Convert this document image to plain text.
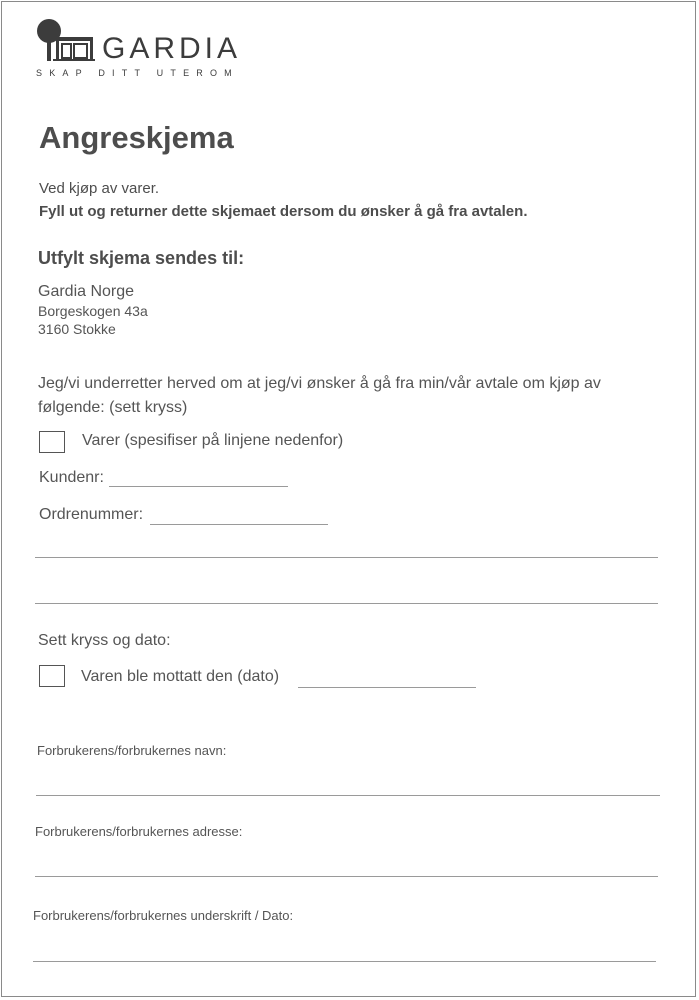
GARDIA
SKAP DITT UTEROM
Angreskjema
Ved kjøp av varer.
Fyll ut og returner dette skjemaet dersom du ønsker å gå fra avtalen.
Utfylt skjema sendes til:
Gardia Norge
Borgeskogen 43a
3160 Stokke
Jeg/vi underretter herved om at jeg/vi ønsker å gå fra min/vår avtale om kjøp av følgende: (sett kryss)
Varer (spesifiser på linjene nedenfor)
Kundenr:
Ordrenummer:
Sett kryss og dato:
Varen ble mottatt den (dato)
Forbrukerens/forbrukernes navn:
Forbrukerens/forbrukernes adresse:
Forbrukerens/forbrukernes underskrift / Dato:
